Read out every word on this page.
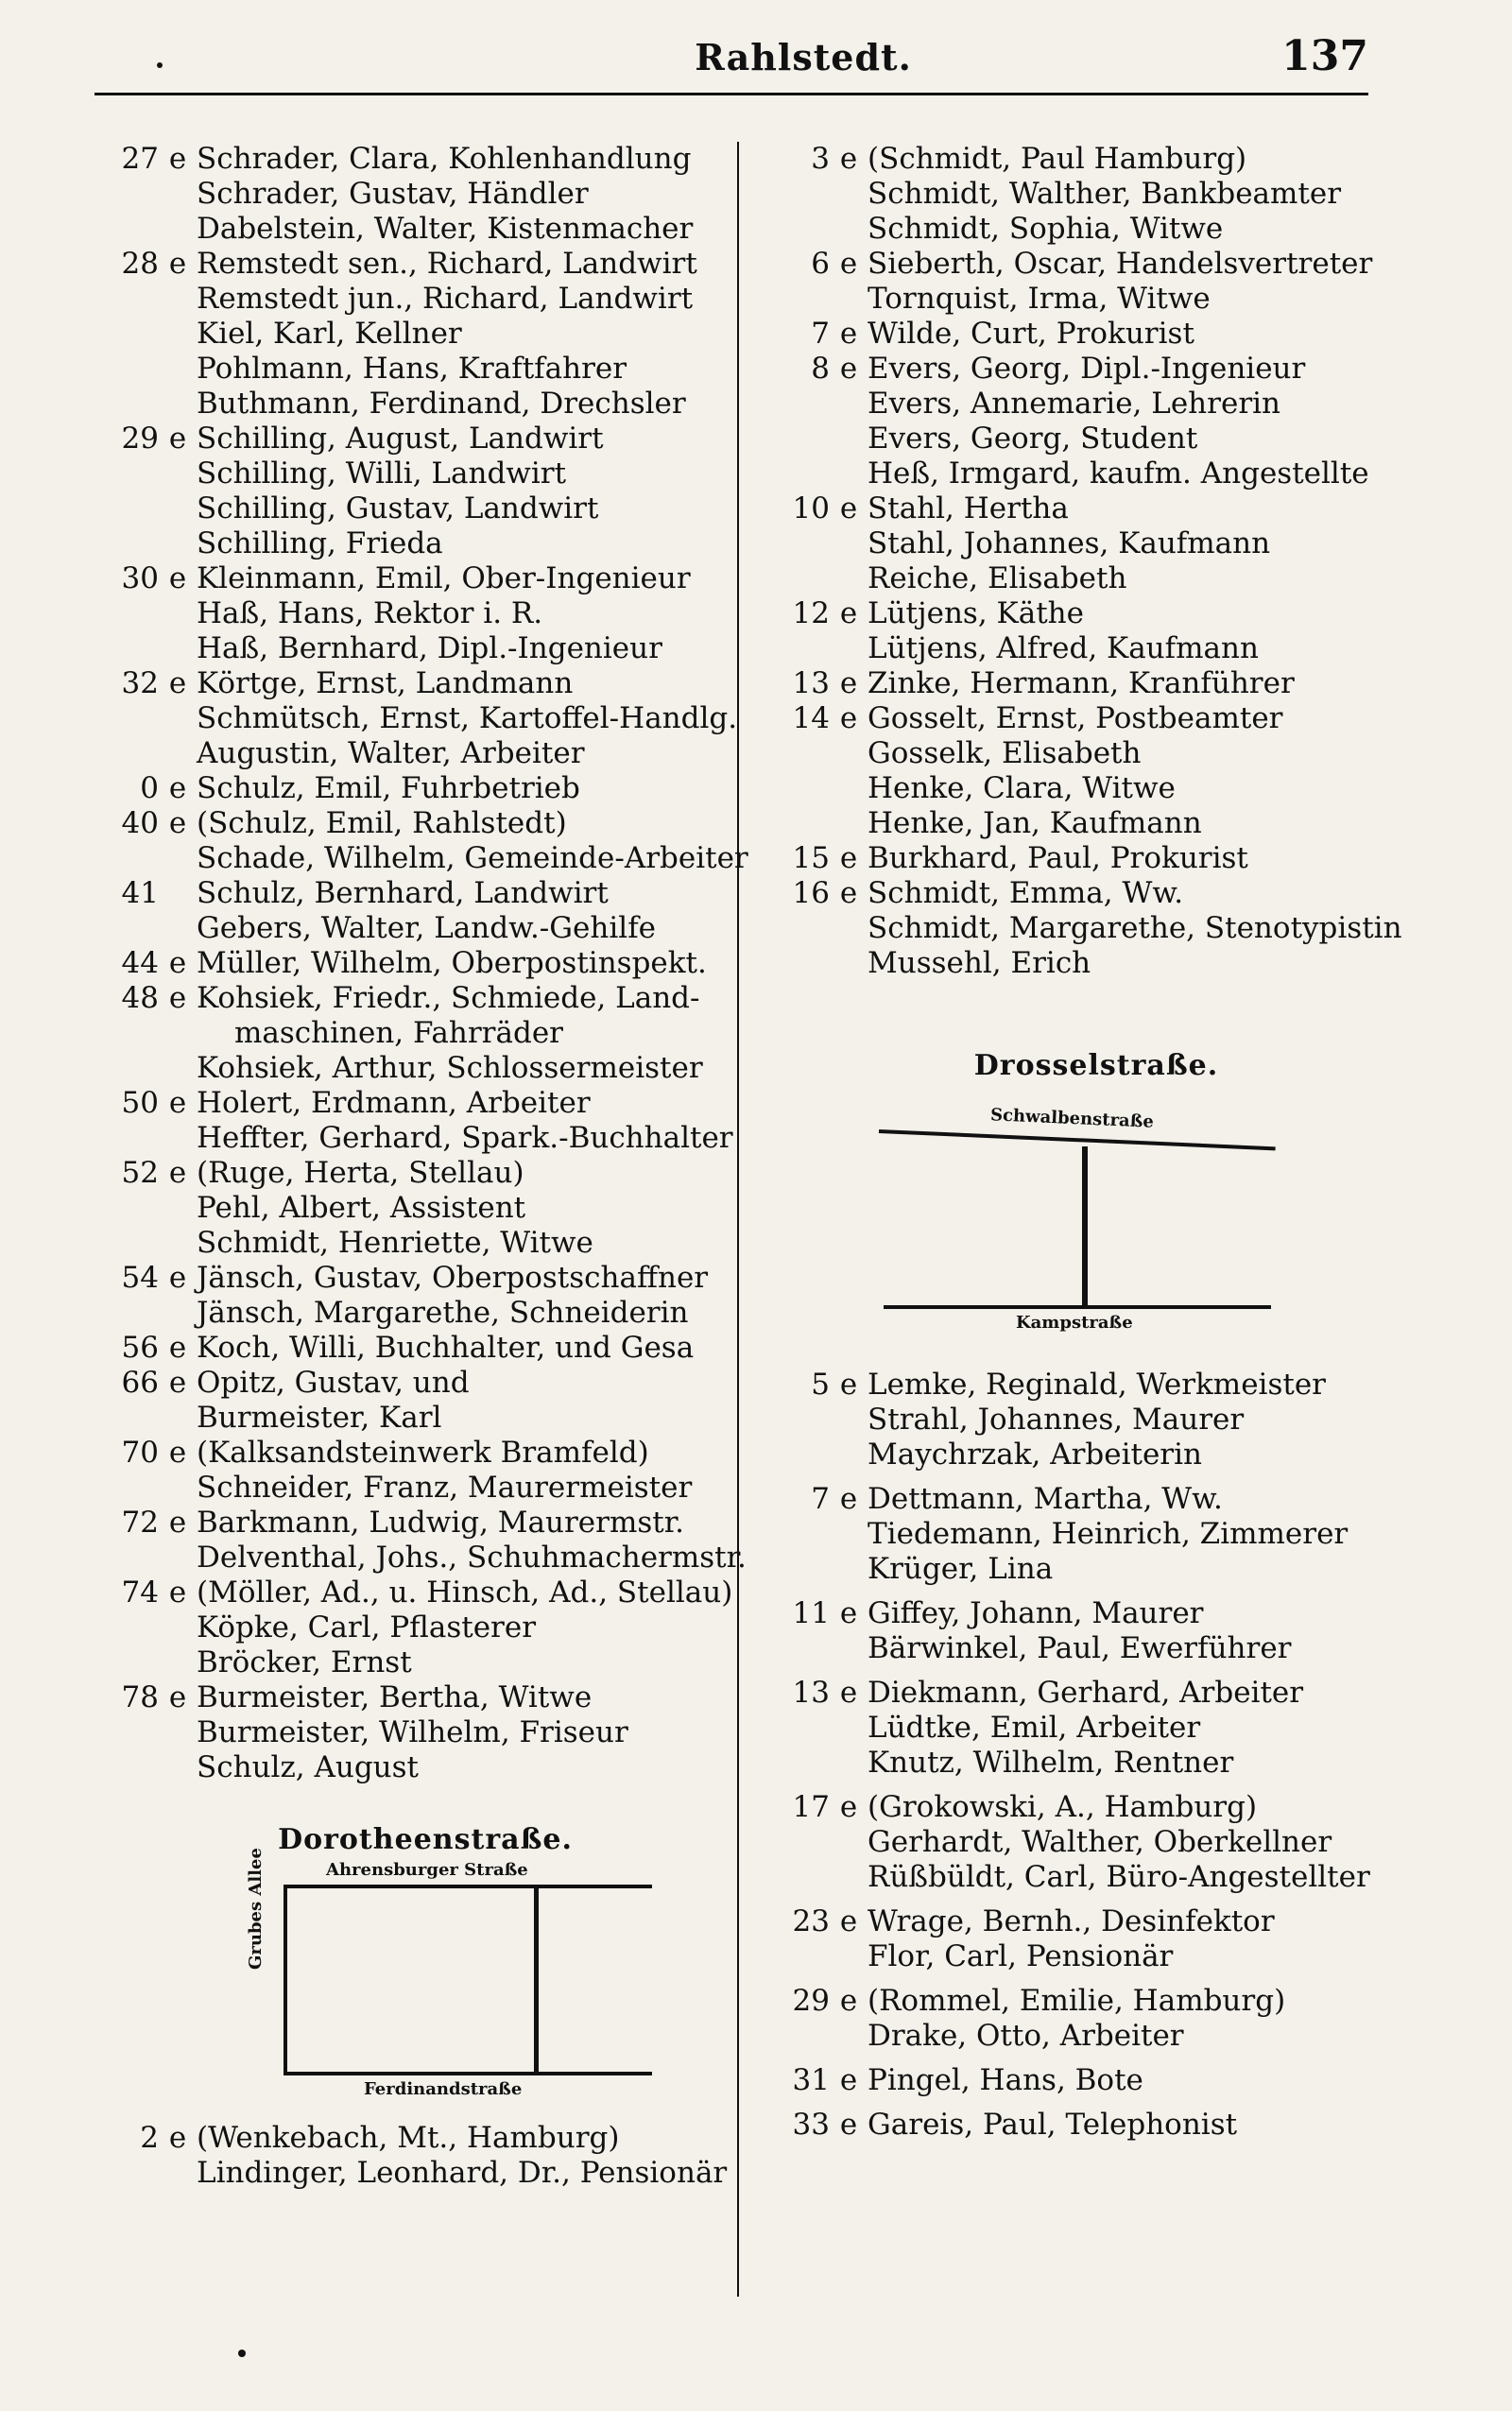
Rahlstedt.	137
27 e Schrader, Clara, Kohlenhandlung
Schrader, Gustav, Händler
Dabelstein, Walter, Kistenmacher
28 e Remstedt sen., Richard, Landwirt
Remstedt jun., Richard, Landwirt
Kiel, Karl, Kellner
Pohlmann, Hans, Kraftfahrer
Buthmann, Ferdinand, Drechsler
29 e Schilling, August, Landwirt
Schilling, Willi, Landwirt
Schilling, Gustav, Landwirt
Schilling, Frieda
30 e Kleinmann, Emil, Ober-Ingenieur
Haß, Hans, Rektor i. R.
Haß, Bernhard, Dipl.-Ingenieur
32 e Körtge, Ernst, Landmann
Schmütsch, Ernst, Kartoffel-Handlg.
Augustin, Walter, Arbeiter
0 e Schulz, Emil, Fuhrbetrieb
40 e (Schulz, Emil, Rahlstedt)
Schade, Wilhelm, Gemeinde-Arbeiter
41 Schulz, Bernhard, Landwirt
Gebers, Walter, Landw.-Gehilfe
44 e Müller, Wilhelm, Oberpostinspekt.
48 e Kohsiek, Friedr., Schmiede, Land-
maschinen, Fahrräder
Kohsiek, Arthur, Schlossermeister
50 e Holert, Erdmann, Arbeiter
Heffter, Gerhard, Spark.-Buchhalter
52 e (Ruge, Herta, Stellau)
Pehl, Albert, Assistent
Schmidt, Henriette, Witwe
54 e Jänsch, Gustav, Oberpostschaffner
Jänsch, Margarethe, Schneiderin
56 e Koch, Willi, Buchhalter, und Gesa
66 e Opitz, Gustav, und
Burmeister, Karl
70 e (Kalksandsteinwerk Bramfeld)
Schneider, Franz, Maurermeister
72 e Barkmann, Ludwig, Maurermstr.
Delventhal, Johs., Schuhmachermstr.
74 e (Möller, Ad., u. Hinsch, Ad., Stellau)
Köpke, Carl, Pflasterer
Bröcker, Ernst
78 e Burmeister, Bertha, Witwe
Burmeister, Wilhelm, Friseur
Schulz, August
Dorotheenstraße.
Ahrensburger Straße
Grubes Allee
Ferdinandstraße
2 e (Wenkebach, Mt., Hamburg)
Lindinger, Leonhard, Dr., Pensionär
3 e (Schmidt, Paul Hamburg)
Schmidt, Walther, Bankbeamter
Schmidt, Sophia, Witwe
6 e Sieberth, Oscar, Handelsvertreter
Tornquist, Irma, Witwe
7 e Wilde, Curt, Prokurist
8 e Evers, Georg, Dipl.-Ingenieur
Evers, Annemarie, Lehrerin
Evers, Georg, Student
Heß, Irmgard, kaufm. Angestellte
10 e Stahl, Hertha
Stahl, Johannes, Kaufmann
Reiche, Elisabeth
12 e Lütjens, Käthe
Lütjens, Alfred, Kaufmann
13 e Zinke, Hermann, Kranführer
14 e Gosselt, Ernst, Postbeamter
Gosselk, Elisabeth
Henke, Clara, Witwe
Henke, Jan, Kaufmann
15 e Burkhard, Paul, Prokurist
16 e Schmidt, Emma, Ww.
Schmidt, Margarethe, Stenotypistin
Mussehl, Erich
Drosselstraße.
Schwalbenstraße
Kampstraße
5 e Lemke, Reginald, Werkmeister
Strahl, Johannes, Maurer
Maychrzak, Arbeiterin
7 e Dettmann, Martha, Ww.
Tiedemann, Heinrich, Zimmerer
Krüger, Lina
11 e Giffey, Johann, Maurer
Bärwinkel, Paul, Ewerführer
13 e Diekmann, Gerhard, Arbeiter
Lüdtke, Emil, Arbeiter
Knutz, Wilhelm, Rentner
17 e (Grokowski, A., Hamburg)
Gerhardt, Walther, Oberkellner
Rüßbüldt, Carl, Büro-Angestellter
23 e Wrage, Bernh., Desinfektor
Flor, Carl, Pensionär
29 e (Rommel, Emilie, Hamburg)
Drake, Otto, Arbeiter
31 e Pingel, Hans, Bote
33 e Gareis, Paul, Telephonist
